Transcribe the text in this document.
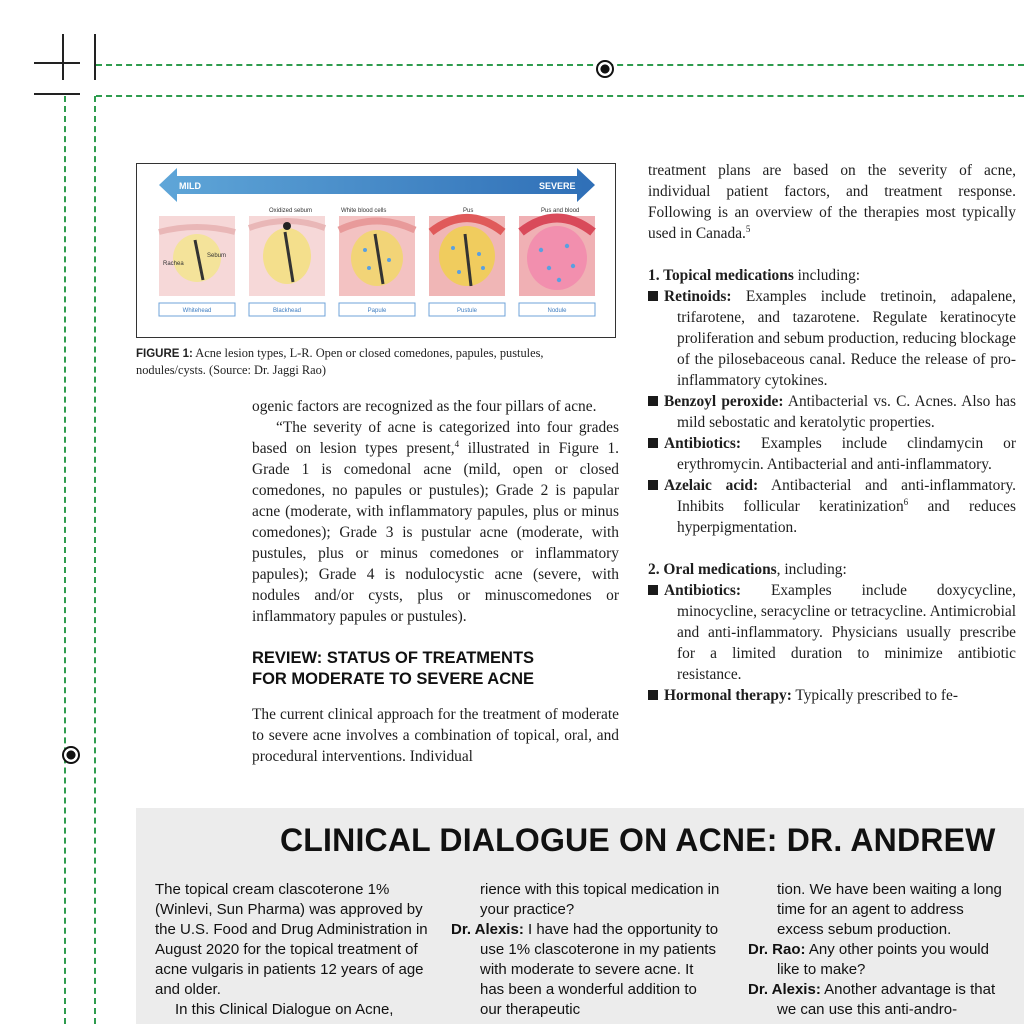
MILD	SEVERE
Rachea
Sebum
Oxidized sebum	White blood cells	Pus	Pus and blood
Whitehead	Blackhead	Papule	Pustule	Nodule
FIGURE 1: Acne lesion types, L-R. Open or closed comedones, papules, pustules, nodules/cysts. (Source: Dr. Jaggi Rao)

ogenic factors are recognized as the four pillars of acne.

“The severity of acne is categorized into four grades based on lesion types present,$^4$ illustrated in Figure 1. Grade 1 is comedonal acne (mild, open or closed comedones, no papules or pustules); Grade 2 is papular acne (moderate, with inflammatory papules, plus or minus comedones); Grade 3 is pustular acne (moderate, with pustules, plus or minus comedones or inflammatory papules); Grade 4 is nodulocystic acne (severe, with nodules and/or cysts, plus or minuscomedones or inflammatory papules or pustules).

REVIEW: STATUS OF TREATMENTS
FOR MODERATE TO SEVERE ACNE

The current clinical approach for the treatment of moderate to severe acne involves a combination of topical, oral, and procedural interventions. Individual

treatment plans are based on the severity of acne, individual patient factors, and treatment response. Following is an overview of the therapies most typically used in Canada.$^5$

1. Topical medications including:

Retinoids: Examples include tretinoin, adapalene, trifarotene, and tazarotene. Regulate keratinocyte proliferation and sebum production, reducing blockage of the pilosebaceous canal. Reduce the release of pro-inflammatory cytokines.

Benzoyl peroxide: Antibacterial vs. C. Acnes. Also has mild sebostatic and keratolytic properties.

Antibiotics: Examples include clindamycin or erythromycin. Antibacterial and anti-inflammatory.

Azelaic acid: Antibacterial and anti-inflammatory. Inhibits follicular keratinization$^6$ and reduces hyperpigmentation.

2. Oral medications, including:

Antibiotics: Examples include doxycycline, minocycline, seracycline or tetracycline. Antimicrobial and anti-inflammatory. Physicians usually prescribe for a limited duration to minimize antibiotic resistance.

Hormonal therapy: Typically prescribed to fe-

CLINICAL DIALOGUE ON ACNE: DR. ANDREW

The topical cream clascoterone 1% (Winlevi, Sun Pharma) was approved by the U.S. Food and Drug Administration in August 2020 for the topical treatment of acne vulgaris in patients 12 years of age and older.

In this Clinical Dialogue on Acne,

rience with this topical medication in your practice?

Dr. Alexis: I have had the opportunity to use 1% clascoterone in my patients with moderate to severe acne. It has been a wonderful addition to our therapeutic

tion. We have been waiting a long time for an agent to address excess sebum production.

Dr. Rao: Any other points you would like to make?

Dr. Alexis: Another advantage is that we can use this anti-andro-
